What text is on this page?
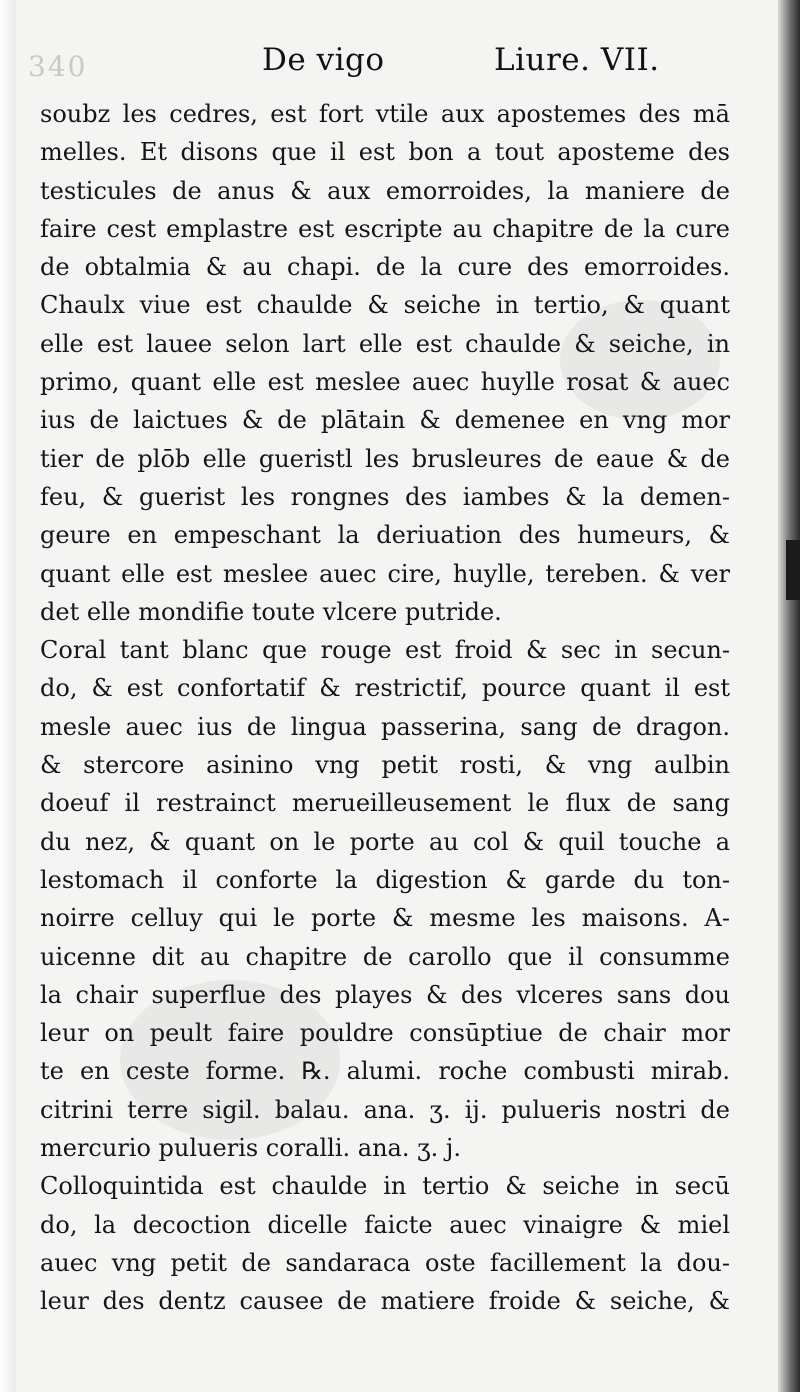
340	De vigo	Liure. VII.
soubz les cedres, est fort vtile aux apostemes des mā
melles. Et disons que il est bon a tout aposteme des
testicules de anus & aux emorroides, la maniere de
faire cest emplastre est escripte au chapitre de la cure
de obtalmia & au chapi. de la cure des emorroides.
Chaulx viue est chaulde & seiche in tertio, & quant
elle est lauee selon lart elle est chaulde & seiche, in
primo, quant elle est meslee auec huylle rosat & auec
ius de laictues & de plātain & demenee en vng mor
tier de plōb elle gueristl les brusleures de eaue & de
feu, & guerist les rongnes des iambes & la demen-
geure en empeschant la deriuation des humeurs, &
quant elle est meslee auec cire, huylle, tereben. & ver
det elle mondifie toute vlcere putride.
Coral tant blanc que rouge est froid & sec in secun-
do, & est confortatif & restrictif, pource quant il est
mesle auec ius de lingua passerina, sang de dragon.
& stercore asinino vng petit rosti, & vng aulbin
doeuf il restrainct merueilleusement le flux de sang
du nez, & quant on le porte au col & quil touche a
lestomach il conforte la digestion & garde du ton-
noirre celluy qui le porte & mesme les maisons. A-
uicenne dit au chapitre de carollo que il consumme
la chair superflue des playes & des vlceres sans dou
leur on peult faire pouldre consūptiue de chair mor
te en ceste forme. ℞. alumi. roche combusti mirab.
citrini terre sigil. balau. ana. ʒ. ij. pulueris nostri de
mercurio pulueris coralli. ana. ʒ. j.
Colloquintida est chaulde in tertio & seiche in secū
do, la decoction dicelle faicte auec vinaigre & miel
auec vng petit de sandaraca oste facillement la dou-
leur des dentz causee de matiere froide & seiche, &
